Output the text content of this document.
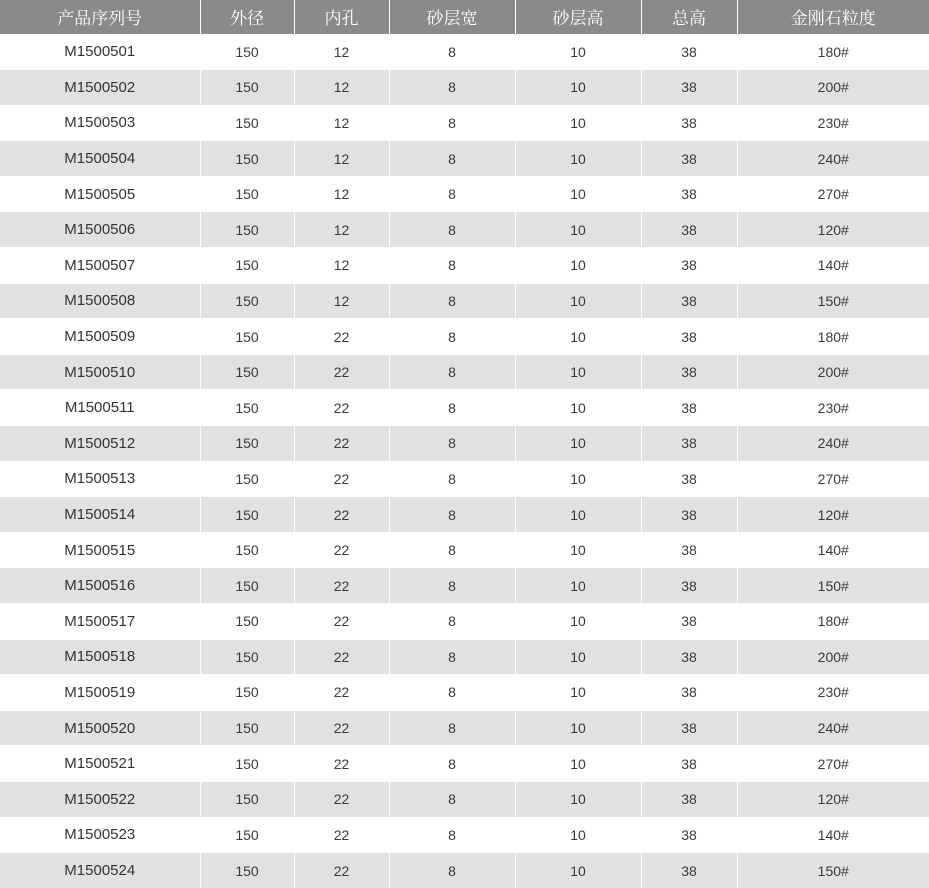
产品序列号	外径	内孔	砂层宽	砂层高	总高	金刚石粒度
M1500501	150	12	8	10	38	180#
M1500502	150	12	8	10	38	200#
M1500503	150	12	8	10	38	230#
M1500504	150	12	8	10	38	240#
M1500505	150	12	8	10	38	270#
M1500506	150	12	8	10	38	120#
M1500507	150	12	8	10	38	140#
M1500508	150	12	8	10	38	150#
M1500509	150	22	8	10	38	180#
M1500510	150	22	8	10	38	200#
M1500511	150	22	8	10	38	230#
M1500512	150	22	8	10	38	240#
M1500513	150	22	8	10	38	270#
M1500514	150	22	8	10	38	120#
M1500515	150	22	8	10	38	140#
M1500516	150	22	8	10	38	150#
M1500517	150	22	8	10	38	180#
M1500518	150	22	8	10	38	200#
M1500519	150	22	8	10	38	230#
M1500520	150	22	8	10	38	240#
M1500521	150	22	8	10	38	270#
M1500522	150	22	8	10	38	120#
M1500523	150	22	8	10	38	140#
M1500524	150	22	8	10	38	150#
